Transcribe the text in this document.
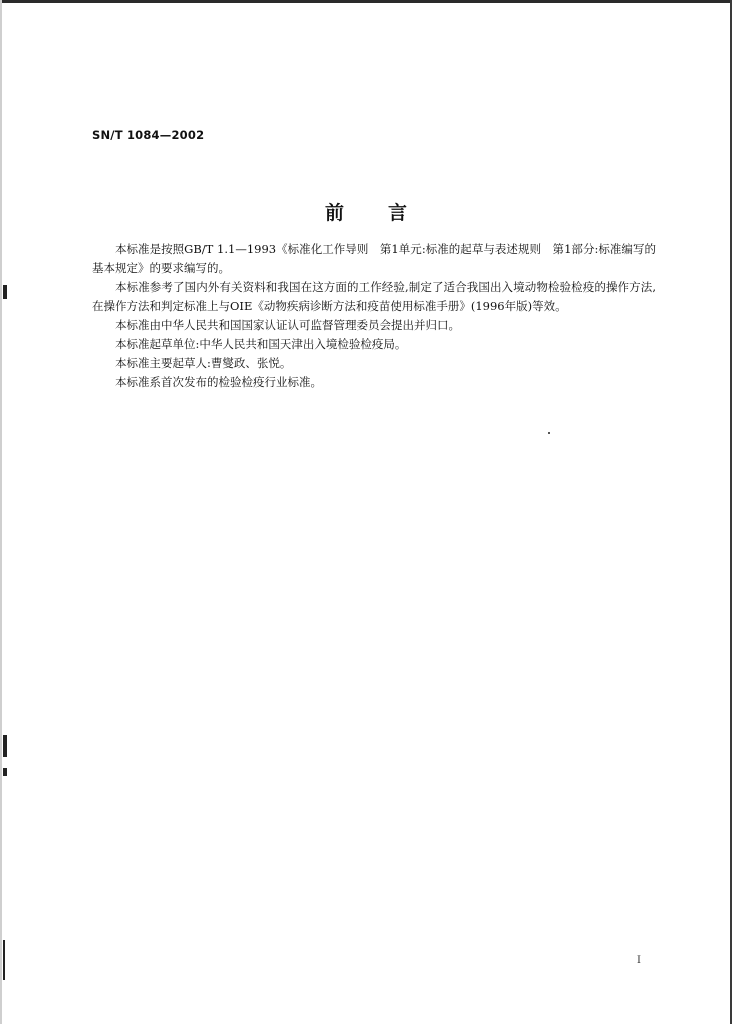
SN/T 1084—2002
前言

本标准是按照GB/T 1.1—1993《标准化工作导则　第1单元:标准的起草与表述规则　第1部分:标准编写的基本规定》的要求编写的。

本标准参考了国内外有关资料和我国在这方面的工作经验,制定了适合我国出入境动物检验检疫的操作方法,在操作方法和判定标准上与OIE《动物疾病诊断方法和疫苗使用标准手册》(1996年版)等效。

本标准由中华人民共和国国家认证认可监督管理委员会提出并归口。

本标准起草单位:中华人民共和国天津出入境检验检疫局。

本标准主要起草人:曹燮政、张悦。

本标准系首次发布的检验检疫行业标准。

I
